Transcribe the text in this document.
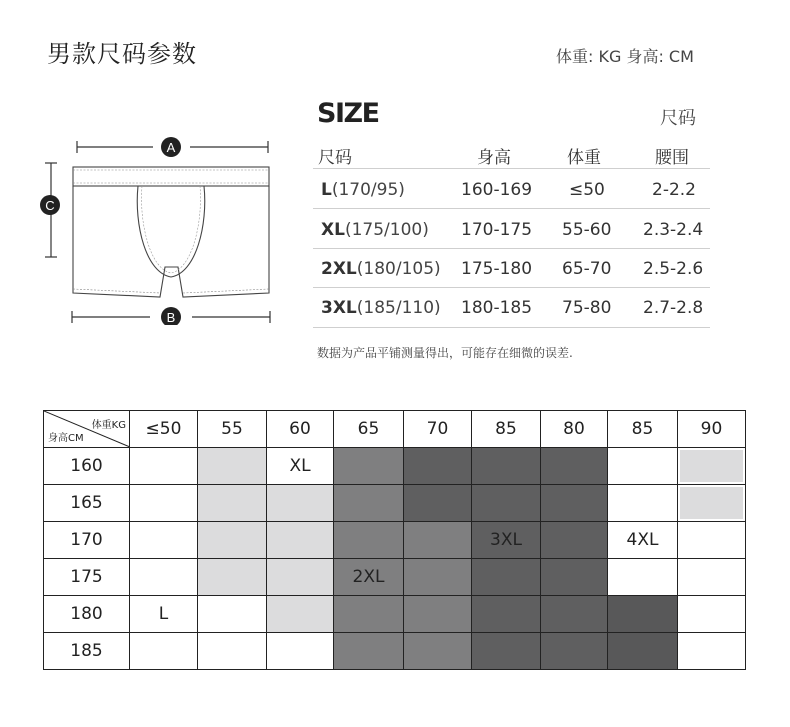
男款尺码参数	体重: KG 身高: CM
A
C
B
SIZE	尺码
尺码	身高	体重	腰围
L(170/95)	160-169 ≤50	2-2.2
XL(175/100) 170-175 55-60 2.3-2.4
2XL(180/105) 175-180 65-70 2.5-2.6
3XL(185/110) 180-185 75-80 2.7-2.8
数据为产品平铺测量得出，可能存在细微的误差.
体重KG
身高CM	≤50	55	60	65	70	85	80	85	90
160			XL						
165									
170						3XL		4XL	
175				2XL					
180	L								
185									
